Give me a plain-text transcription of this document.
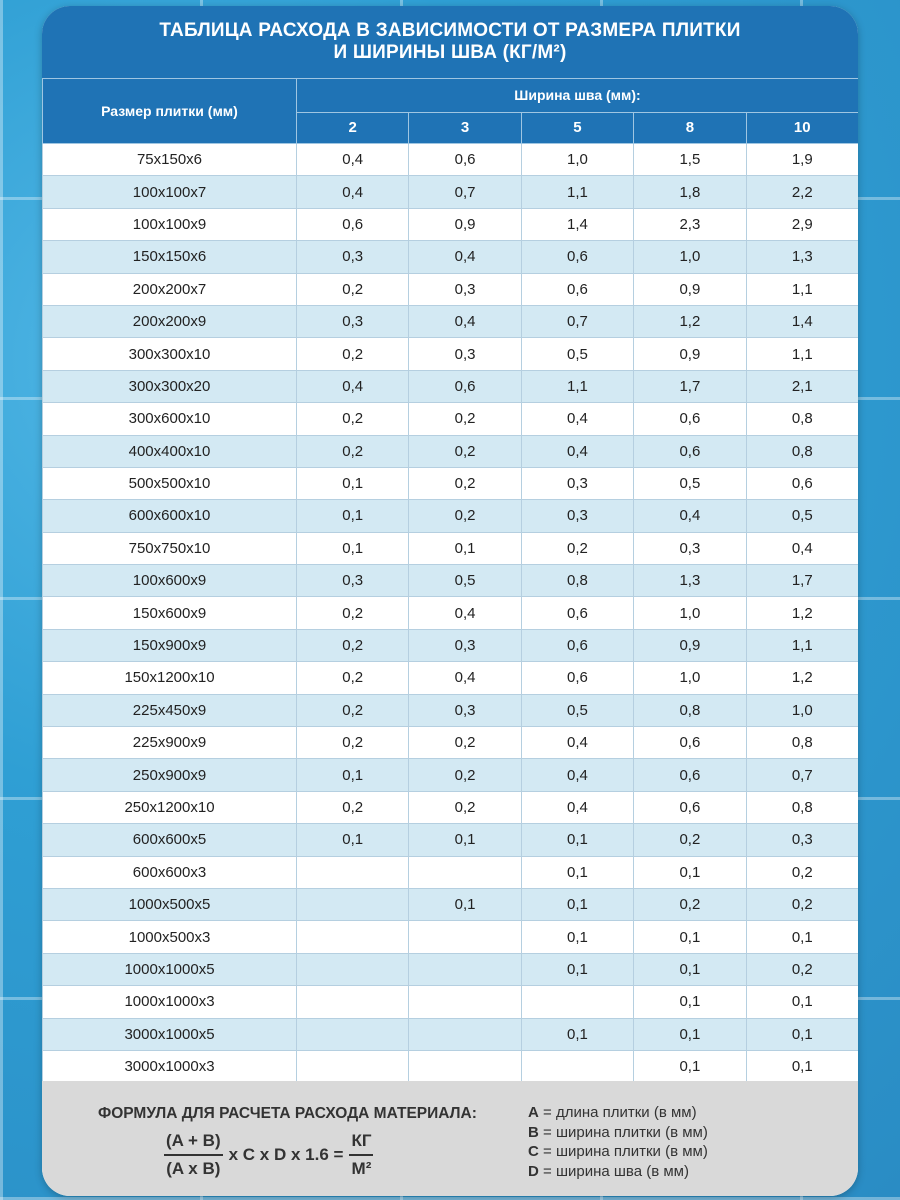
ТАБЛИЦА РАСХОДА В ЗАВИСИМОСТИ ОТ РАЗМЕРА ПЛИТКИ
И ШИРИНЫ ШВА (КГ/М²)
Размер плитки (мм)	Ширина шва (мм):				
	2	3	5	8	10
75x150x6	0,4	0,6	1,0	1,5	1,9
100x100x7	0,4	0,7	1,1	1,8	2,2
100x100x9	0,6	0,9	1,4	2,3	2,9
150x150x6	0,3	0,4	0,6	1,0	1,3
200x200x7	0,2	0,3	0,6	0,9	1,1
200x200x9	0,3	0,4	0,7	1,2	1,4
300x300x10	0,2	0,3	0,5	0,9	1,1
300x300x20	0,4	0,6	1,1	1,7	2,1
300x600x10	0,2	0,2	0,4	0,6	0,8
400x400x10	0,2	0,2	0,4	0,6	0,8
500x500x10	0,1	0,2	0,3	0,5	0,6
600x600x10	0,1	0,2	0,3	0,4	0,5
750x750x10	0,1	0,1	0,2	0,3	0,4
100x600x9	0,3	0,5	0,8	1,3	1,7
150x600x9	0,2	0,4	0,6	1,0	1,2
150x900x9	0,2	0,3	0,6	0,9	1,1
150x1200x10	0,2	0,4	0,6	1,0	1,2
225x450x9	0,2	0,3	0,5	0,8	1,0
225x900x9	0,2	0,2	0,4	0,6	0,8
250x900x9	0,1	0,2	0,4	0,6	0,7
250x1200x10	0,2	0,2	0,4	0,6	0,8
600x600x5	0,1	0,1	0,1	0,2	0,3
600x600x3			0,1	0,1	0,2
1000x500x5		0,1	0,1	0,2	0,2
1000x500x3			0,1	0,1	0,1
1000x1000x5			0,1	0,1	0,2
1000x1000x3				0,1	0,1
3000x1000x5			0,1	0,1	0,1
3000x1000x3				0,1	0,1
ФОРМУЛА ДЛЯ РАСЧЕТА РАСХОДА МАТЕРИАЛА:
$\frac{(A + B)}{\text{(A x B)}}$ x C x D x $1.6 = \frac{КГ}{\text{М²}}$
A = длина плитки (в мм)
B = ширина плитки (в мм)
C = ширина плитки (в мм)
D = ширина шва (в мм)
